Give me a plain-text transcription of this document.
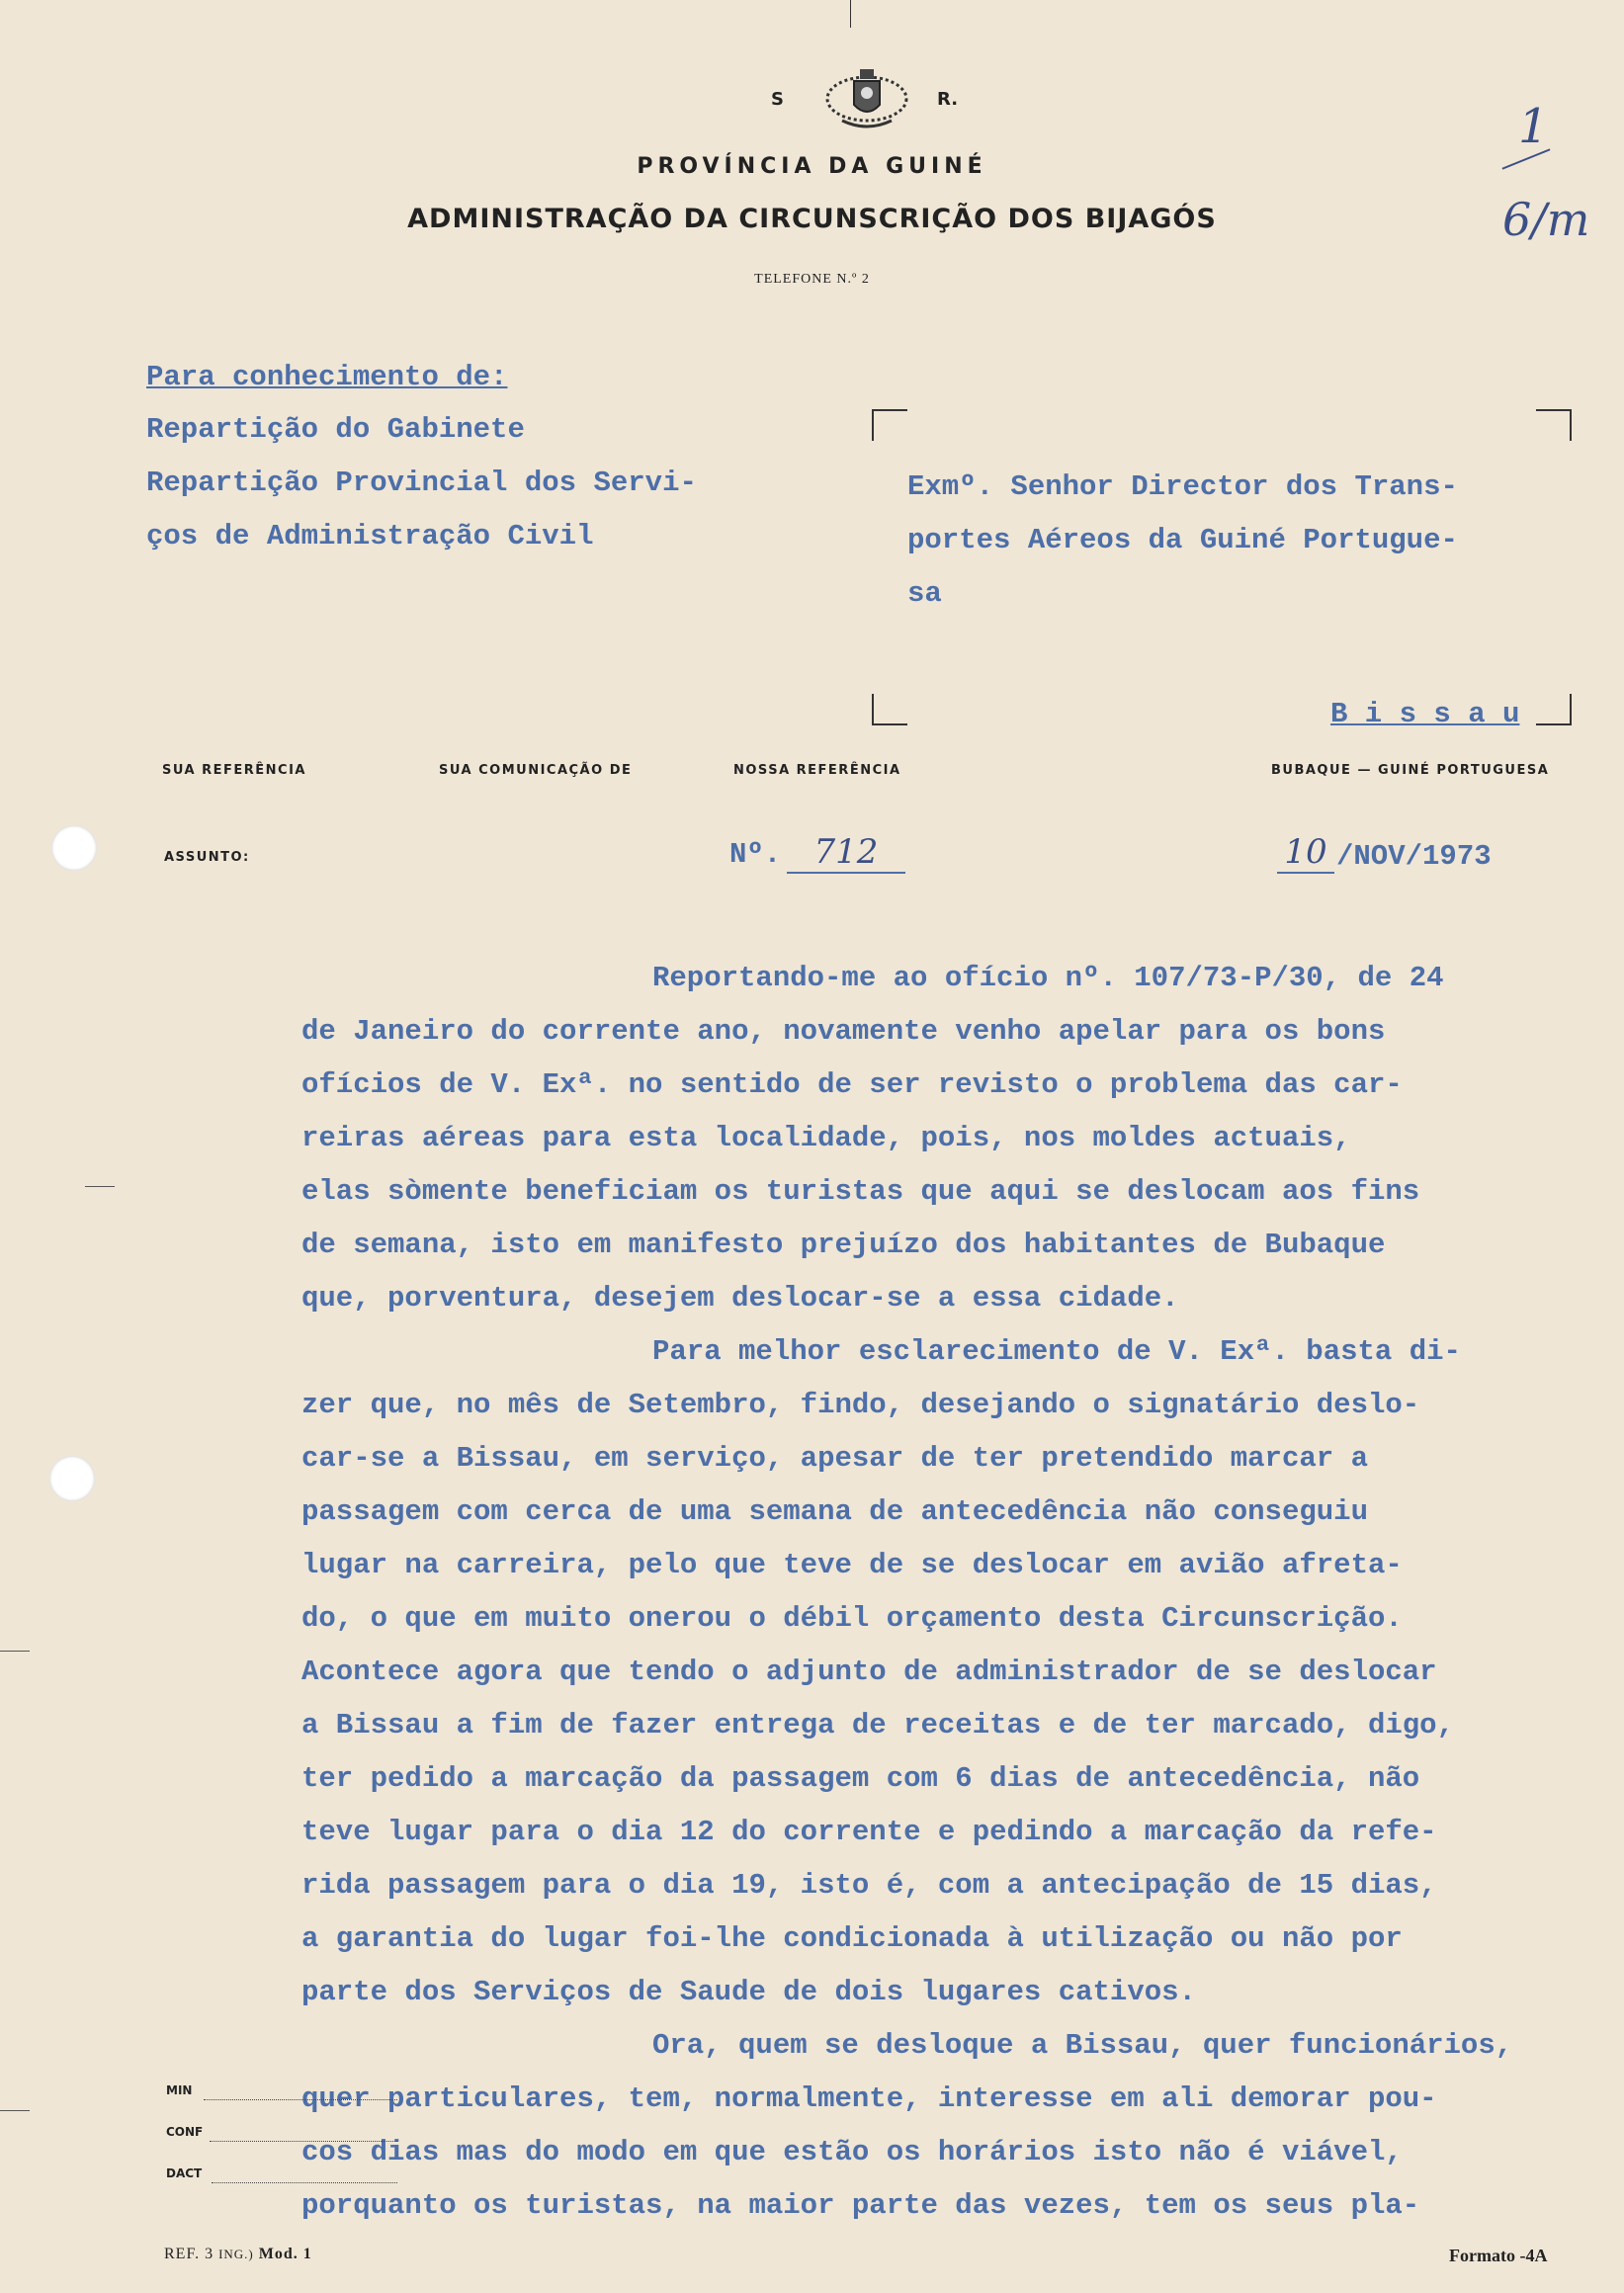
S	R.
PROVÍNCIA DA GUINÉ
ADMINISTRAÇÃO DA CIRCUNSCRIÇÃO DOS BIJAGÓS
TELEFONE N.º 2
1
6/m
Para conhecimento de:
Repartição do Gabinete
Repartição Provincial dos Servi-
ços de Administração Civil
Exmº. Senhor Director dos Trans-
portes Aéreos da Guiné Portugue-
sa
B i s s a u
SUA REFERÊNCIA	SUA COMUNICAÇÃO DE	NOSSA REFERÊNCIA	BUBAQUE — GUINÉ PORTUGUESA
ASSUNTO:	Nº. 712	10 /NOV/1973
Reportando-me ao ofício nº. 107/73-P/30, de 24
de Janeiro do corrente ano, novamente venho apelar para os bons
ofícios de V. Exª. no sentido de ser revisto o problema das car-
reiras aéreas para esta localidade, pois, nos moldes actuais,
elas sòmente beneficiam os turistas que aqui se deslocam aos fins
de semana, isto em manifesto prejuízo dos habitantes de Bubaque
que, porventura, desejem deslocar-se a essa cidade.
Para melhor esclarecimento de V. Exª. basta di-
zer que, no mês de Setembro, findo, desejando o signatário deslo-
car-se a Bissau, em serviço, apesar de ter pretendido marcar a
passagem com cerca de uma semana de antecedência não conseguiu
lugar na carreira, pelo que teve de se deslocar em avião afreta-
do, o que em muito onerou o débil orçamento desta Circunscrição.
Acontece agora que tendo o adjunto de administrador de se deslocar
a Bissau a fim de fazer entrega de receitas e de ter marcado, digo,
ter pedido a marcação da passagem com 6 dias de antecedência, não
teve lugar para o dia 12 do corrente e pedindo a marcação da refe-
rida passagem para o dia 19, isto é, com a antecipação de 15 dias,
a garantia do lugar foi-lhe condicionada à utilização ou não por
parte dos Serviços de Saude de dois lugares cativos.
Ora, quem se desloque a Bissau, quer funcionários,
quer particulares, tem, normalmente, interesse em ali demorar pou-
cos dias mas do modo em que estão os horários isto não é viável,
porquanto os turistas, na maior parte das vezes, tem os seus pla-
MIN
CONF
DACT
REF. 3 ING.) Mod. 1	Formato -4A
